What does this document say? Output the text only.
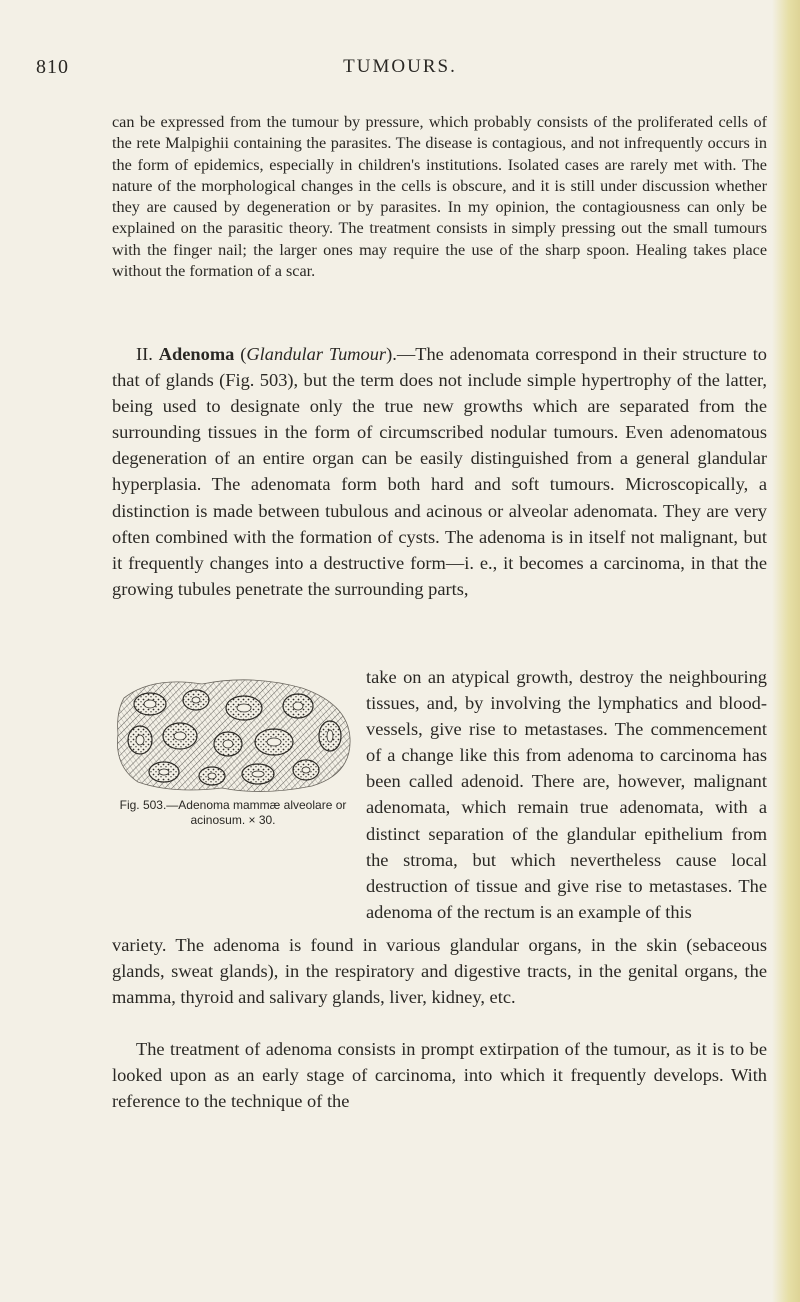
810	TUMOURS.

can be expressed from the tumour by pressure, which probably consists of the proliferated cells of the rete Malpighii containing the parasites. The disease is contagious, and not infrequently occurs in the form of epidemics, especially in children's institutions. Isolated cases are rarely met with. The nature of the morphological changes in the cells is obscure, and it is still under discussion whether they are caused by degeneration or by parasites. In my opinion, the contagiousness can only be explained on the parasitic theory. The treatment consists in simply pressing out the small tumours with the finger nail; the larger ones may require the use of the sharp spoon. Healing takes place without the formation of a scar.

II. Adenoma (Glandular Tumour).—The adenomata correspond in their structure to that of glands (Fig. 503), but the term does not include simple hypertrophy of the latter, being used to designate only the true new growths which are separated from the surrounding tissues in the form of circumscribed nodular tumours. Even adenomatous degeneration of an entire organ can be easily distinguished from a general glandular hyperplasia. The adenomata form both hard and soft tumours. Microscopically, a distinction is made between tubulous and acinous or alveolar adenomata. They are very often combined with the formation of cysts. The adenoma is in itself not malignant, but it frequently changes into a destructive form—i. e., it becomes a carcinoma, in that the growing tubules penetrate the surrounding parts,

Fig. 503.—Adenoma mammæ alveolare or acinosum. × 30.

take on an atypical growth, destroy the neighbouring tissues, and, by involving the lymphatics and blood-vessels, give rise to metastases. The commencement of a change like this from adenoma to carcinoma has been called adenoid. There are, however, malignant adenomata, which remain true adenomata, with a distinct separation of the glandular epithelium from the stroma, but which nevertheless cause local destruction of tissue and give rise to metastases. The adenoma of the rectum is an example of this

variety. The adenoma is found in various glandular organs, in the skin (sebaceous glands, sweat glands), in the respiratory and digestive tracts, in the genital organs, the mamma, thyroid and salivary glands, liver, kidney, etc.

The treatment of adenoma consists in prompt extirpation of the tumour, as it is to be looked upon as an early stage of carcinoma, into which it frequently develops. With reference to the technique of the
